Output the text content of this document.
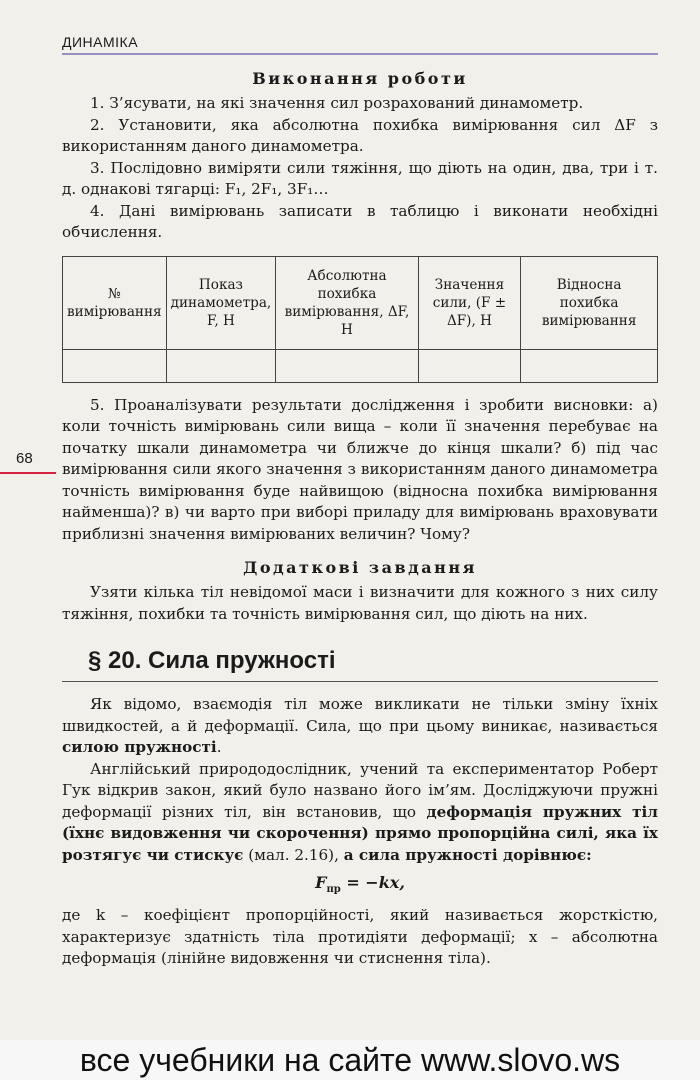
ДИНАМІКА
68
Виконання роботи

1. З’ясувати, на які значення сил розрахований динамометр.

2. Установити, яка абсолютна похибка вимірювання сил ΔF з використанням даного динамометра.

3. Послідовно виміряти сили тяжіння, що діють на один, два, три і т. д. однакові тягарці: F₁, 2F₁, 3F₁…

4. Дані вимірювань записати в таблицю і виконати необхідні обчислення.

№ вимірювання	Показ динамометра, F, Н	Абсолютна похибка вимірювання, ΔF, Н	Значення сили, (F ± ΔF), Н	Відносна похибка вимірювання

5. Проаналізувати результати дослідження і зробити висновки: а) коли точність вимірювань сили вища – коли її значення перебуває на початку шкали динамометра чи ближче до кінця шкали? б) під час вимірювання сили якого значення з використанням даного динамометра точність вимірювання буде найвищою (відносна похибка вимірювання найменша)? в) чи варто при виборі приладу для вимірювань враховувати приблизні значення вимірюваних величин? Чому?

Додаткові завдання

Узяти кілька тіл невідомої маси і визначити для кожного з них силу тяжіння, похибки та точність вимірювання сил, що діють на них.

§ 20. Сила пружності

Як відомо, взаємодія тіл може викликати не тільки зміну їхніх швидкостей, а й деформації. Сила, що при цьому виникає, називається силою пружності.

Англійський природодослідник, учений та експериментатор Роберт Гук відкрив закон, який було названо його ім’ям. Досліджуючи пружні деформації різних тіл, він встановив, що деформація пружних тіл (їхнє видовження чи скорочення) прямо пропорційна силі, яка їх розтягує чи стискує (мал. 2.16), а сила пружності дорівнює:

$F_{пр} = -kx$,

де k – коефіцієнт пропорційності, який називається жорсткістю, характеризує здатність тіла протидіяти деформації; x – абсолютна деформація (лінійне видовження чи стиснення тіла).

все учебники на сайте www.slovo.ws
